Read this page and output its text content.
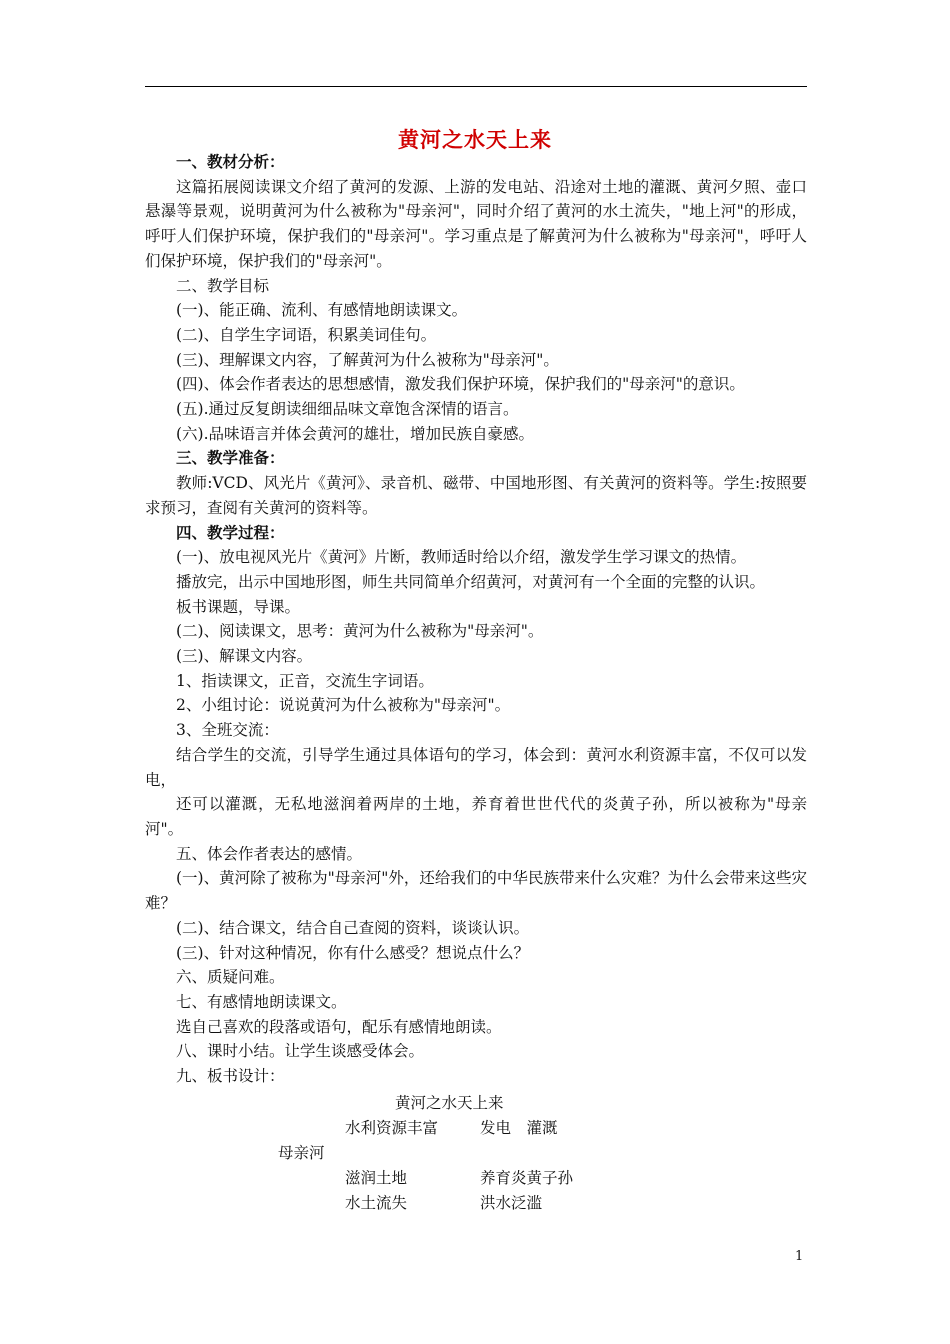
黄河之水天上来

一、教材分析：

这篇拓展阅读课文介绍了黄河的发源、上游的发电站、沿途对土地的灌溉、黄河夕照、壶口悬瀑等景观，说明黄河为什么被称为"母亲河"，同时介绍了黄河的水土流失，"地上河"的形成，呼吁人们保护环境，保护我们的"母亲河"。学习重点是了解黄河为什么被称为"母亲河"，呼吁人们保护环境，保护我们的"母亲河"。

二、教学目标

(一)、能正确、流利、有感情地朗读课文。

(二)、自学生字词语，积累美词佳句。

(三)、理解课文内容，了解黄河为什么被称为"母亲河"。

(四)、体会作者表达的思想感情，激发我们保护环境，保护我们的"母亲河"的意识。

(五).通过反复朗读细细品味文章饱含深情的语言。

(六).品味语言并体会黄河的雄壮，增加民族自豪感。

三、教学准备：

教师:VCD、风光片《黄河》、录音机、磁带、中国地形图、有关黄河的资料等。学生:按照要求预习，查阅有关黄河的资料等。

四、教学过程：

(一)、放电视风光片《黄河》片断，教师适时给以介绍，激发学生学习课文的热情。

播放完，出示中国地形图，师生共同简单介绍黄河，对黄河有一个全面的完整的认识。

板书课题，导课。

(二)、阅读课文，思考：黄河为什么被称为"母亲河"。

(三)、解课文内容。

1、指读课文，正音，交流生字词语。

2、小组讨论：说说黄河为什么被称为"母亲河"。

3、全班交流：

结合学生的交流，引导学生通过具体语句的学习，体会到：黄河水利资源丰富，不仅可以发电，

还可以灌溉，无私地滋润着两岸的土地，养育着世世代代的炎黄子孙，所以被称为"母亲河"。

五、体会作者表达的感情。

(一)、黄河除了被称为"母亲河"外，还给我们的中华民族带来什么灾难？为什么会带来这些灾难？

(二)、结合课文，结合自己查阅的资料，谈谈认识。

(三)、针对这种情况，你有什么感受？想说点什么？

六、质疑问难。

七、有感情地朗读课文。

选自己喜欢的段落或语句，配乐有感情地朗读。

八、课时小结。让学生谈感受体会。

九、板书设计：

黄河之水天上来
水利资源丰富	发电　灌溉
母亲河
滋润土地	养育炎黄子孙
水土流失	洪水泛滥
1
